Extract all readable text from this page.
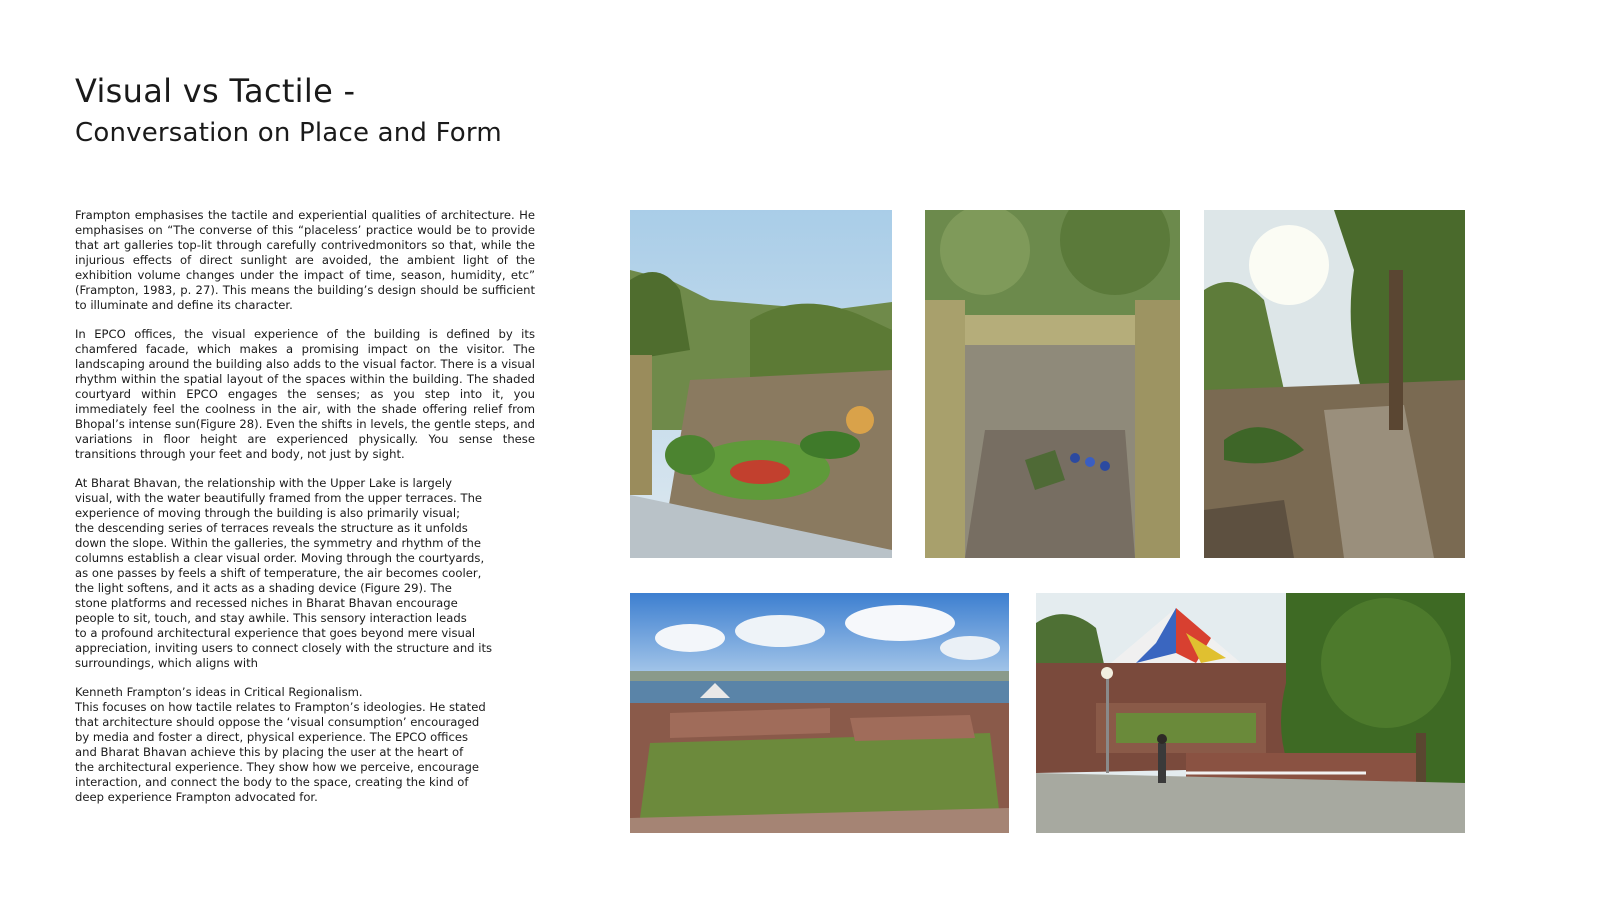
Visual vs Tactile -
Conversation on Place and Form

Frampton emphasises the tactile and experiential qualities of architecture. He emphasises on “The converse of this “placeless’ practice would be to provide that art galleries top-lit through carefully contrivedmonitors so that, while the injurious effects of direct sunlight are avoided, the ambient light of the exhibition volume changes under the impact of time, season, humidity, etc” (Frampton, 1983, p. 27). This means the building’s design should be sufficient to illuminate and define its character.

In EPCO offices, the visual experience of the building is defined by its chamfered facade, which makes a promising impact on the visitor. The landscaping around the building also adds to the visual factor. There is a visual rhythm within the spatial layout of the spaces within the building. The shaded courtyard within EPCO engages the senses; as you step into it, you immediately feel the coolness in the air, with the shade offering relief from Bhopal’s intense sun(Figure 28). Even the shifts in levels, the gentle steps, and variations in floor height are experienced physically. You sense these transitions through your feet and body, not just by sight.

At Bharat Bhavan, the relationship with the Upper Lake is largely
visual, with the water beautifully framed from the upper terraces. The
experience of moving through the building is also primarily visual;
the descending series of terraces reveals the structure as it unfolds
down the slope. Within the galleries, the symmetry and rhythm of the
columns establish a clear visual order. Moving through the courtyards,
as one passes by feels a shift of temperature, the air becomes cooler,
the light softens, and it acts as a shading device (Figure 29). The
stone platforms and recessed niches in Bharat Bhavan encourage
people to sit, touch, and stay awhile. This sensory interaction leads
to a profound architectural experience that goes beyond mere visual
appreciation, inviting users to connect closely with the structure and its
surroundings, which aligns with

Kenneth Frampton’s ideas in Critical Regionalism.
This focuses on how tactile relates to Frampton’s ideologies. He stated
that architecture should oppose the ‘visual consumption’ encouraged
by media and foster a direct, physical experience. The EPCO offices
and Bharat Bhavan achieve this by placing the user at the heart of
the architectural experience. They show how we perceive, encourage
interaction, and connect the body to the space, creating the kind of
deep experience Frampton advocated for.
